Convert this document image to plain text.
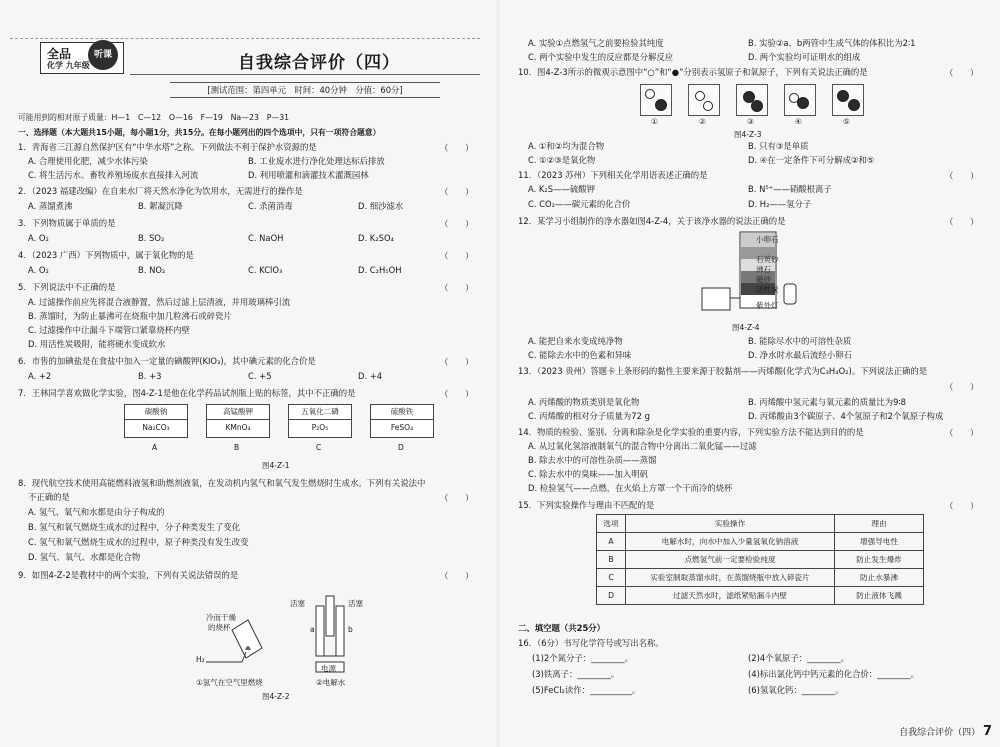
全品
化学 九年级
听课	自我综合评价（四）
[测试范围：第四单元　时间：40分钟　分值：60分]
可能用到的相对原子质量：H—1　C—12　O—16　F—19　Na—23　P—31
一、选择题（本大题共15小题，每小题1分，共15分。在每小题列出的四个选项中，只有一项符合题意）
1．青海省三江源自然保护区有“中华水塔”之称。下列做法不利于保护水资源的是	（　　）
A. 合理使用化肥，减少水体污染	B. 工业废水进行净化处理达标后排放
C. 将生活污水、畜牧养殖场废水直接排入河流	D. 利用喷灌和滴灌技术灌溉园林
2．（2023 福建改编）在自来水厂将天然水净化为饮用水，无需进行的操作是	（　　）
A. 蒸馏煮沸	B. 絮凝沉降	C. 杀菌消毒	D. 细沙滤水
3．下列物质属于单质的是	（　　）
A. O₂	B. SO₂	C. NaOH	D. K₂SO₄
4．（2023 广西）下列物质中，属于氧化物的是	（　　）
A. O₂	B. NO₂	C. KClO₃	D. C₂H₅OH
5．下列说法中不正确的是	（　　）
A. 过滤操作前应先将混合液静置，然后过滤上层清液，并用玻璃棒引流
B. 蒸馏时，为防止暴沸可在烧瓶中加几粒沸石或碎瓷片
C. 过滤操作中让漏斗下端管口紧靠烧杯内壁
D. 用活性炭吸附，能将硬水变成软水
6．市售的加碘盐是在食盐中加入一定量的碘酸钾(KIO₃)，其中碘元素的化合价是	（　　）
A. +2	B. +3	C. +5	D. +4
7．王林同学喜欢做化学实验，图4-Z-1是他在化学药品试剂瓶上贴的标签，其中不正确的是	（　　）
碳酸钠
Na₂CO₃
高锰酸钾
KMnO₄
五氧化二磷
P₂O₅
硫酸铁
FeSO₄
A	B	C	D
图4-Z-1
8．现代航空技术使用高能燃料液氢和助燃剂液氧，在发动机内氢气和氧气发生燃烧时生成水。下列有关说法中
不正确的是	（　　）
A. 氢气、氧气和水都是由分子构成的
B. 氢气和氧气燃烧生成水的过程中，分子种类发生了变化
C. 氢气和氧气燃烧生成水的过程中，原子种类没有发生改变
D. 氢气、氧气、水都是化合物
9．如图4-Z-2是教材中的两个实验，下列有关说法错误的是	（　　）
冷而干燥
的烧杯
H₂
活塞	活塞
a	b
电源
①氢气在空气里燃烧	②电解水
图4-Z-2
A. 实验①点燃氢气之前要检验其纯度	B. 实验②a、b两管中生成气体的体积比为2∶1
C. 两个实验中发生的反应都是分解反应	D. 两个实验均可证明水的组成
10．图4-Z-3所示的微观示意图中“○”和“●”分别表示氢原子和氧原子，下列有关说法正确的是	（　　）
①	②	③	④	⑤
图4-Z-3
A. ①和②均为混合物	B. 只有③是单质
C. ①②③是氧化物	D. ④在一定条件下可分解成②和⑤
11．（2023 苏州）下列相关化学用语表述正确的是	（　　）
A. K₂S——硫酸钾	B. N⁵⁺——硝酸根离子
C. CO₂——碳元素的化合价	D. H₂——氢分子
12．某学习小组制作的净水器如图4-Z-4，关于该净水器的说法正确的是	（　　）
小卵石
石英砂
沸石
磁砂
活性炭
紫外灯
图4-Z-4
A. 能把自来水变成纯净物	B. 能除尽水中的可溶性杂质
C. 能除去水中的色素和异味	D. 净水时水最后流经小卵石
13．（2023 贵州）答题卡上条形码的黏性主要来源于胶黏剂——丙烯酸(化学式为C₃H₄O₂)。下列说法正确的是
（　　）
A. 丙烯酸的物质类别是氧化物	B. 丙烯酸中氢元素与氧元素的质量比为9∶8
C. 丙烯酸的相对分子质量为72 g	D. 丙烯酸由3个碳原子、4个氢原子和2个氧原子构成
14．物质的检验、鉴别、分离和除杂是化学实验的重要内容，下列实验方法不能达到目的的是	（　　）
A. 从过氧化氢溶液制氧气的混合物中分离出二氧化锰——过滤
B. 除去水中的可溶性杂质——蒸馏
C. 除去水中的臭味——加入明矾
D. 检验氢气——点燃，在火焰上方罩一个干而冷的烧杯
15．下列实验操作与理由不匹配的是	（　　）
选项	实验操作	理由
A	电解水时，向水中加入少量氢氧化钠溶液	增强导电性
B	点燃氢气前一定要检验纯度	防止发生爆炸
C	实验室制取蒸馏水时，在蒸馏烧瓶中放入碎瓷片	防止水暴沸
D	过滤天然水时，滤纸紧贴漏斗内壁	防止液体飞溅
二、填空题（共25分）
16．（6分）书写化学符号或写出名称。
(1)2个氮分子：________。	(2)4个氧原子：________。
(3)铁离子：________。	(4)标出氯化钙中钙元素的化合价：________。
(5)FeCl₂读作：__________。	(6)氢氧化钙：________。
自我综合评价（四） 7
